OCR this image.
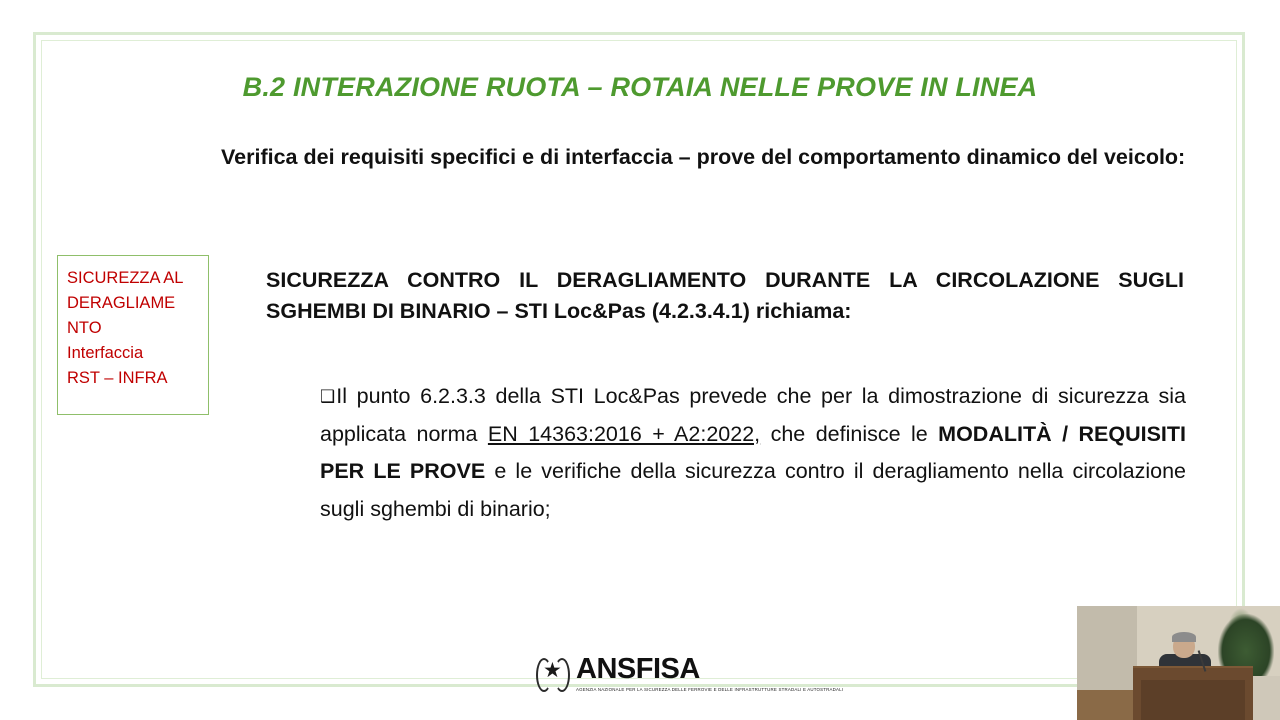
B.2 INTERAZIONE RUOTA – ROTAIA NELLE PROVE IN LINEA
Verifica dei requisiti specifici e di interfaccia – prove del comportamento dinamico del veicolo:
SICUREZZA AL
DERAGLIAME
NTO
Interfaccia
RST – INFRA
SICUREZZA CONTRO IL DERAGLIAMENTO DURANTE LA CIRCOLAZIONE SUGLI SGHEMBI DI BINARIO – STI Loc&Pas (4.2.3.4.1) richiama:
❑Il punto 6.2.3.3 della STI Loc&Pas prevede che per la dimostrazione di sicurezza sia applicata norma EN 14363:2016 + A2:2022, che definisce le MODALITÀ / REQUISITI PER LE PROVE e le verifiche della sicurezza contro il deragliamento nella circolazione sugli sghembi di binario;
★ ANSFISA
AGENZIA NAZIONALE PER LA SICUREZZA DELLE FERROVIE E DELLE INFRASTRUTTURE STRADALI E AUTOSTRADALI
